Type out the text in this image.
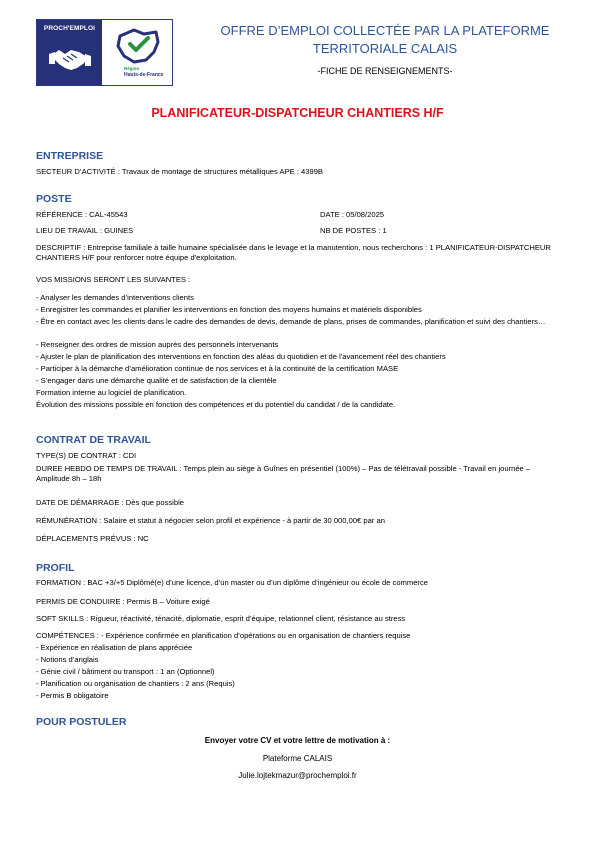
PROCH'EMPLOI
Région
Hauts-de-France
OFFRE D’EMPLOI COLLECTÉE PAR LA PLATEFORME
TERRITORIALE CALAIS
-FICHE DE RENSEIGNEMENTS-
PLANIFICATEUR-DISPATCHEUR CHANTIERS H/F
ENTREPRISE
SECTEUR D’ACTIVITÉ : Travaux de montage de structures métalliques APE : 4399B
POSTE
RÉFÉRENCE : CAL-45543	DATE : 05/08/2025
LIEU DE TRAVAIL : GUINES	NB DE POSTES : 1
DESCRIPTIF : Entreprise familiale à taille humaine spécialisée dans le levage et la manutention, nous recherchons : 1 PLANIFICATEUR-DISPATCHEUR CHANTIERS H/F pour renforcer notre équipe d'exploitation.
VOS MISSIONS SERONT LES SUIVANTES :
- Analyser les demandes d’interventions clients
- Enregistrer les commandes et planifier les interventions en fonction des moyens humains et matériels disponibles
- Être en contact avec les clients dans le cadre des demandes de devis, demande de plans, prises de commandes, planification et suivi des chantiers…
- Renseigner des ordres de mission auprès des personnels intervenants
- Ajuster le plan de planification des interventions en fonction des aléas du quotidien et de l'avancement réel des chantiers
- Participer à la démarche d’amélioration continue de nos services et à la continuité de la certification MASE
- S’engager dans une démarche qualité et de satisfaction de la clientèle
Formation interne au logiciel de planification.
Évolution des missions possible en fonction des compétences et du potentiel du candidat / de la candidate.
CONTRAT DE TRAVAIL
TYPE(S) DE CONTRAT : CDI
DUREE HEBDO DE TEMPS DE TRAVAIL : Temps plein au siège à Guînes en présentiel (100%) – Pas de télétravail possible - Travail en journée – Amplitude 8h – 18h
DATE DE DÉMARRAGE : Dès que possible
RÉMUNÉRATION : Salaire et statut à négocier selon profil et expérience - à partir de 30 000,00€ par an
DÉPLACEMENTS PRÉVUS : NC
PROFIL
FORMATION : BAC +3/+5 Diplômé(e) d’une licence, d’un master ou d’un diplôme d’ingénieur ou école de commerce
PERMIS DE CONDUIRE : Permis B – Voiture exigé
SOFT SKILLS : Rigueur, réactivité, ténacité, diplomatie, esprit d’équipe, relationnel client, résistance au stress
COMPÉTENCES : - Expérience confirmée en planification d’opérations ou en organisation de chantiers requise
- Expérience en réalisation de plans appréciée
- Notions d’anglais
- Génie civil / bâtiment ou transport : 1 an (Optionnel)
- Planification ou organisation de chantiers : 2 ans (Requis)
- Permis B obligatoire
POUR POSTULER
Envoyer votre CV et votre lettre de motivation à :
Plateforme CALAIS
Julie.lojtekmazur@prochemploi.fr
